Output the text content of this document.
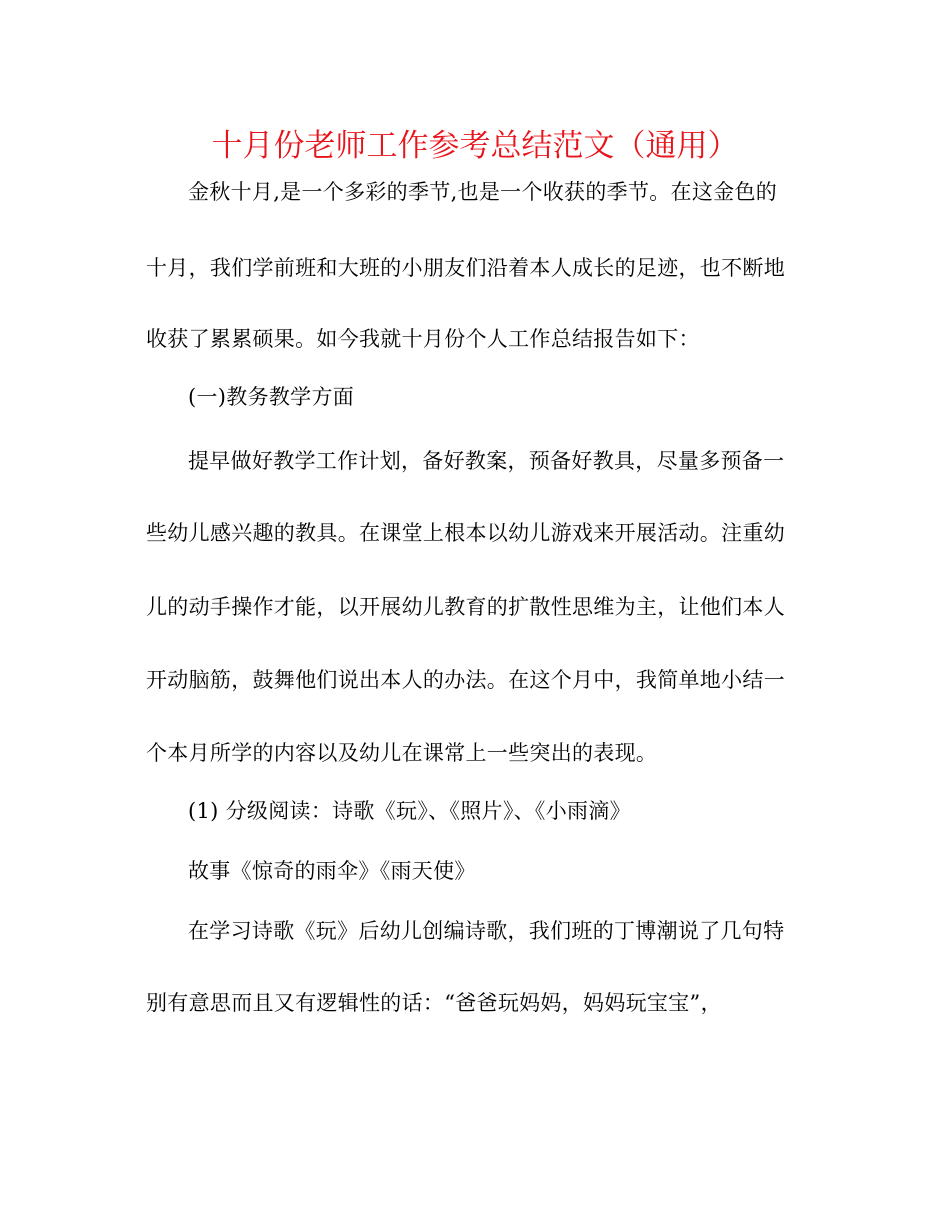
十月份老师工作参考总结范文（通用）
金秋十月,是一个多彩的季节,也是一个收获的季节。在这金色的
十月，我们学前班和大班的小朋友们沿着本人成长的足迹，也不断地
收获了累累硕果。如今我就十月份个人工作总结报告如下：
(一)教务教学方面
提早做好教学工作计划，备好教案，预备好教具，尽量多预备一
些幼儿感兴趣的教具。在课堂上根本以幼儿游戏来开展活动。注重幼
儿的动手操作才能，以开展幼儿教育的扩散性思维为主，让他们本人
开动脑筋，鼓舞他们说出本人的办法。在这个月中，我简单地小结一
个本月所学的内容以及幼儿在课常上一些突出的表现。
(1) 分级阅读：诗歌《玩》、《照片》、《小雨滴》
故事《惊奇的雨伞》《雨天使》
在学习诗歌《玩》后幼儿创编诗歌，我们班的丁博潮说了几句特
别有意思而且又有逻辑性的话：“爸爸玩妈妈，妈妈玩宝宝”，
